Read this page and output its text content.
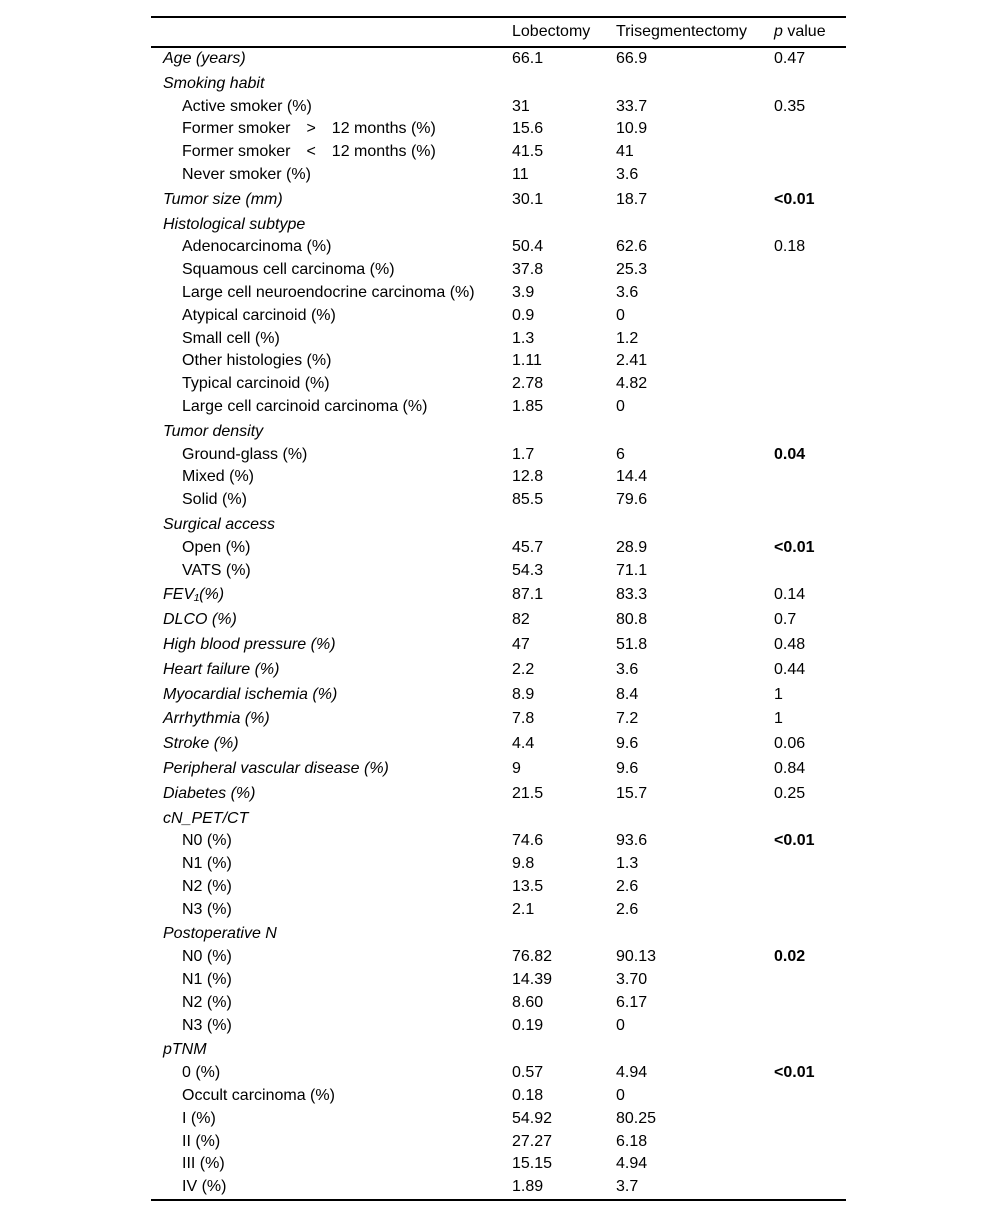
	Lobectomy	Trisegmentectomy	p value
Age (years)	66.1	66.9	0.47
Smoking habit			
Active smoker (%)	31	33.7	0.35
Former smoker > 12 months (%)	15.6	10.9	
Former smoker < 12 months (%)	41.5	41	
Never smoker (%)	11	3.6	
Tumor size (mm)	30.1	18.7	<0.01
Histological subtype			
Adenocarcinoma (%)	50.4	62.6	0.18
Squamous cell carcinoma (%)	37.8	25.3	
Large cell neuroendocrine carcinoma (%)	3.9	3.6	
Atypical carcinoid (%)	0.9	0	
Small cell (%)	1.3	1.2	
Other histologies (%)	1.11	2.41	
Typical carcinoid (%)	2.78	4.82	
Large cell carcinoid carcinoma (%)	1.85	0	
Tumor density			
Ground-glass (%)	1.7	6	0.04
Mixed (%)	12.8	14.4	
Solid (%)	85.5	79.6	
Surgical access			
Open (%)	45.7	28.9	<0.01
VATS (%)	54.3	71.1	
FEV₁(%)	87.1	83.3	0.14
DLCO (%)	82	80.8	0.7
High blood pressure (%)	47	51.8	0.48
Heart failure (%)	2.2	3.6	0.44
Myocardial ischemia (%)	8.9	8.4	1
Arrhythmia (%)	7.8	7.2	1
Stroke (%)	4.4	9.6	0.06
Peripheral vascular disease (%)	9	9.6	0.84
Diabetes (%)	21.5	15.7	0.25
cN_PET/CT			
N0 (%)	74.6	93.6	<0.01
N1 (%)	9.8	1.3	
N2 (%)	13.5	2.6	
N3 (%)	2.1	2.6	
Postoperative N			
N0 (%)	76.82	90.13	0.02
N1 (%)	14.39	3.70	
N2 (%)	8.60	6.17	
N3 (%)	0.19	0	
pTNM			
0 (%)	0.57	4.94	<0.01
Occult carcinoma (%)	0.18	0	
I (%)	54.92	80.25	
II (%)	27.27	6.18	
III (%)	15.15	4.94	
IV (%)	1.89	3.7	
